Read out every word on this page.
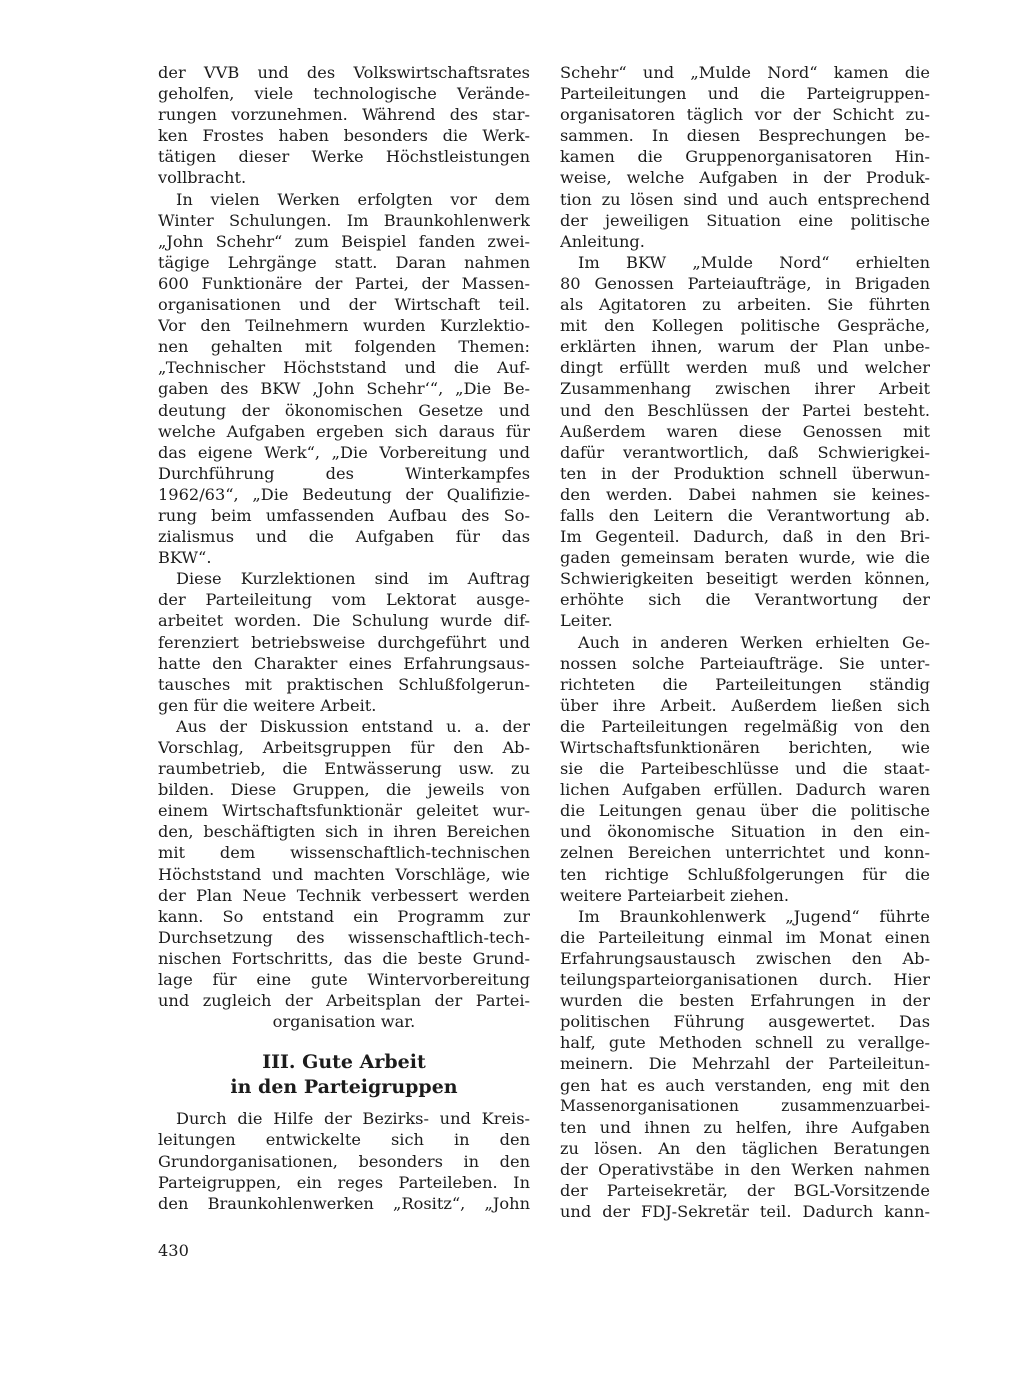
der VVB und des Volkswirtschaftsrates
geholfen, viele technologische Verände-
rungen vorzunehmen. Während des star-
ken Frostes haben besonders die Werk-
tätigen dieser Werke Höchstleistungen
vollbracht.
In vielen Werken erfolgten vor dem
Winter Schulungen. Im Braunkohlenwerk
„John Schehr“ zum Beispiel fanden zwei-
tägige Lehrgänge statt. Daran nahmen
600 Funktionäre der Partei, der Massen-
organisationen und der Wirtschaft teil.
Vor den Teilnehmern wurden Kurzlektio-
nen gehalten mit folgenden Themen:
„Technischer Höchststand und die Auf-
gaben des BKW ‚John Schehr‘“, „Die Be-
deutung der ökonomischen Gesetze und
welche Aufgaben ergeben sich daraus für
das eigene Werk“, „Die Vorbereitung und
Durchführung des Winterkampfes
1962/63“, „Die Bedeutung der Qualifizie-
rung beim umfassenden Aufbau des So-
zialismus und die Aufgaben für das
BKW“.
Diese Kurzlektionen sind im Auftrag
der Parteileitung vom Lektorat ausge-
arbeitet worden. Die Schulung wurde dif-
ferenziert betriebsweise durchgeführt und
hatte den Charakter eines Erfahrungsaus-
tausches mit praktischen Schlußfolgerun-
gen für die weitere Arbeit.
Aus der Diskussion entstand u. a. der
Vorschlag, Arbeitsgruppen für den Ab-
raumbetrieb, die Entwässerung usw. zu
bilden. Diese Gruppen, die jeweils von
einem Wirtschaftsfunktionär geleitet wur-
den, beschäftigten sich in ihren Bereichen
mit dem wissenschaftlich-technischen
Höchststand und machten Vorschläge, wie
der Plan Neue Technik verbessert werden
kann. So entstand ein Programm zur
Durchsetzung des wissenschaftlich-tech-
nischen Fortschritts, das die beste Grund-
lage für eine gute Wintervorbereitung
und zugleich der Arbeitsplan der Partei-
organisation war.
III. Gute Arbeit
in den Parteigruppen
Durch die Hilfe der Bezirks- und Kreis-
leitungen entwickelte sich in den
Grundorganisationen, besonders in den
Parteigruppen, ein reges Parteileben. In
den Braunkohlenwerken „Rositz“, „John
Schehr“ und „Mulde Nord“ kamen die
Parteileitungen und die Parteigruppen-
organisatoren täglich vor der Schicht zu-
sammen. In diesen Besprechungen be-
kamen die Gruppenorganisatoren Hin-
weise, welche Aufgaben in der Produk-
tion zu lösen sind und auch entsprechend
der jeweiligen Situation eine politische
Anleitung.
Im BKW „Mulde Nord“ erhielten
80 Genossen Parteiaufträge, in Brigaden
als Agitatoren zu arbeiten. Sie führten
mit den Kollegen politische Gespräche,
erklärten ihnen, warum der Plan unbe-
dingt erfüllt werden muß und welcher
Zusammenhang zwischen ihrer Arbeit
und den Beschlüssen der Partei besteht.
Außerdem waren diese Genossen mit
dafür verantwortlich, daß Schwierigkei-
ten in der Produktion schnell überwun-
den werden. Dabei nahmen sie keines-
falls den Leitern die Verantwortung ab.
Im Gegenteil. Dadurch, daß in den Bri-
gaden gemeinsam beraten wurde, wie die
Schwierigkeiten beseitigt werden können,
erhöhte sich die Verantwortung der
Leiter.
Auch in anderen Werken erhielten Ge-
nossen solche Parteiaufträge. Sie unter-
richteten die Parteileitungen ständig
über ihre Arbeit. Außerdem ließen sich
die Parteileitungen regelmäßig von den
Wirtschaftsfunktionären berichten, wie
sie die Parteibeschlüsse und die staat-
lichen Aufgaben erfüllen. Dadurch waren
die Leitungen genau über die politische
und ökonomische Situation in den ein-
zelnen Bereichen unterrichtet und konn-
ten richtige Schlußfolgerungen für die
weitere Parteiarbeit ziehen.
Im Braunkohlenwerk „Jugend“ führte
die Parteileitung einmal im Monat einen
Erfahrungsaustausch zwischen den Ab-
teilungsparteiorganisationen durch. Hier
wurden die besten Erfahrungen in der
politischen Führung ausgewertet. Das
half, gute Methoden schnell zu verallge-
meinern. Die Mehrzahl der Parteileitun-
gen hat es auch verstanden, eng mit den
Massenorganisationen zusammenzuarbei-
ten und ihnen zu helfen, ihre Aufgaben
zu lösen. An den täglichen Beratungen
der Operativstäbe in den Werken nahmen
der Parteisekretär, der BGL-Vorsitzende
und der FDJ-Sekretär teil. Dadurch kann-
430
